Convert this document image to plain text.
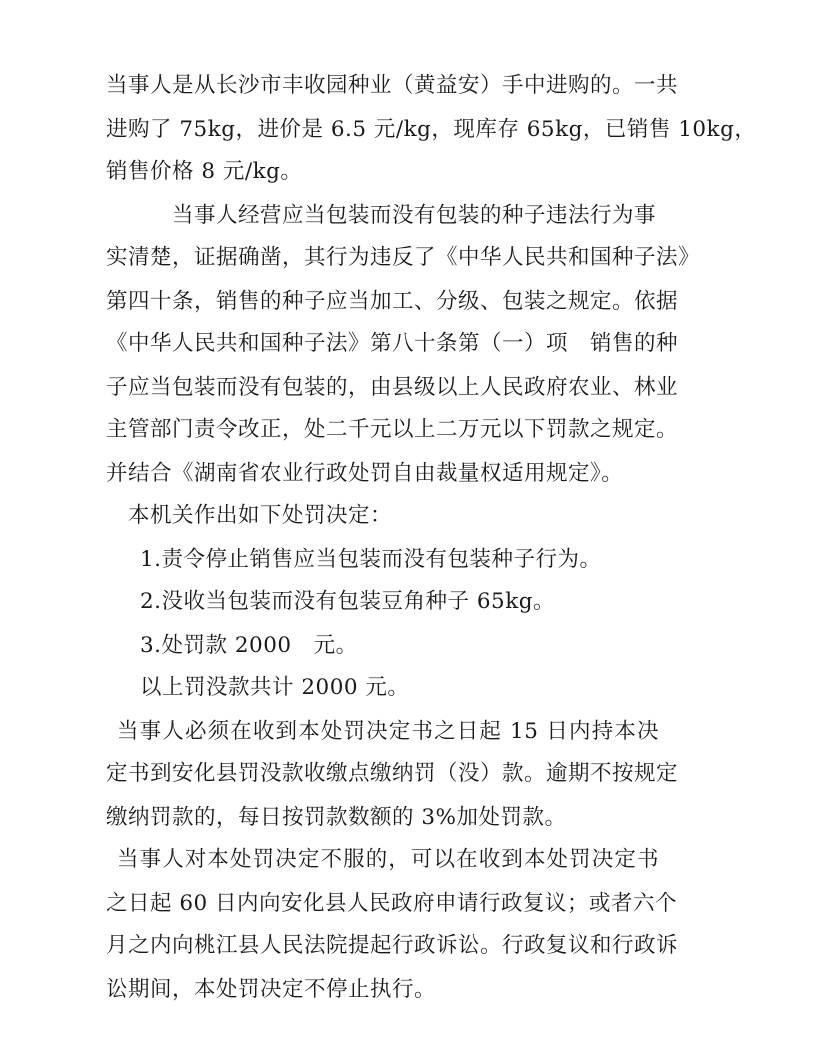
当事人是从长沙市丰收园种业（黄益安）手中进购的。一共
进购了 75kg，进价是 6.5 元/kg，现库存 65kg，已销售 10kg，
销售价格 8 元/kg。
当事人经营应当包装而没有包装的种子违法行为事
实清楚，证据确凿，其行为违反了《中华人民共和国种子法》
第四十条，销售的种子应当加工、分级、包装之规定。依据
《中华人民共和国种子法》第八十条第（一）项　销售的种
子应当包装而没有包装的，由县级以上人民政府农业、林业
主管部门责令改正，处二千元以上二万元以下罚款之规定。
并结合《湖南省农业行政处罚自由裁量权适用规定》。
本机关作出如下处罚决定：
1.责令停止销售应当包装而没有包装种子行为。
2.没收当包装而没有包装豆角种子 65kg。
3.处罚款 2000　元。
以上罚没款共计 2000 元。
当事人必须在收到本处罚决定书之日起 15 日内持本决
定书到安化县罚没款收缴点缴纳罚（没）款。逾期不按规定
缴纳罚款的，每日按罚款数额的 3%加处罚款。
当事人对本处罚决定不服的，可以在收到本处罚决定书
之日起 60 日内向安化县人民政府申请行政复议；或者六个
月之内向桃江县人民法院提起行政诉讼。行政复议和行政诉
讼期间，本处罚决定不停止执行。
